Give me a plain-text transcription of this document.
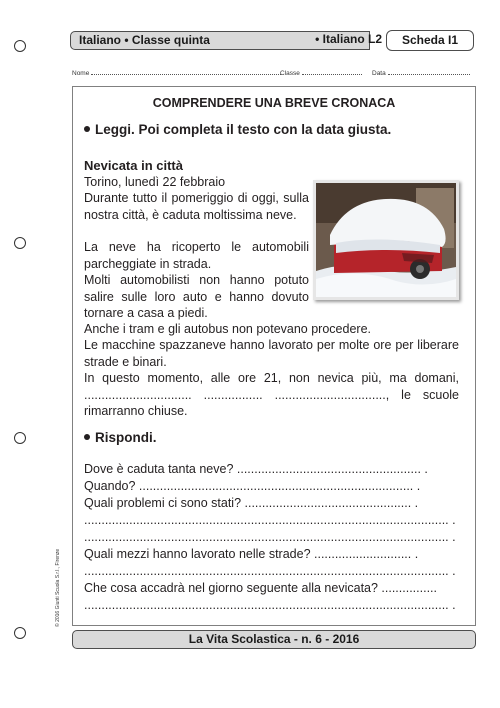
Italiano • Classe quinta	• Italiano L2	Scheda I1
Nome	Classe	Data
COMPRENDERE UNA BREVE CRONACA
Leggi. Poi completa il testo con la data giusta.
Nevicata in città
Torino, lunedì 22 febbraio
Durante tutto il pomeriggio di oggi, sulla nostra città, è caduta moltissima neve.
La neve ha ricoperto le automobili parcheggiate in strada.
Molti automobilisti non hanno potuto salire sulle loro auto e hanno dovuto tornare a casa a piedi.
Anche i tram e gli autobus non potevano procedere.
Le macchine spazzaneve hanno lavorato per molte ore per liberare strade e binari.
In questo momento, alle ore 21, non nevica più, ma domani, ............................... ................. ................................, le scuole rimarranno chiuse.
Rispondi.
Dove è caduta tanta neve? ..................................................... .
Quando? ............................................................................... .
Quali problemi ci sono stati? ................................................ .
......................................................................................................... .
......................................................................................................... .
Quali mezzi hanno lavorato nelle strade? ............................ .
......................................................................................................... .
Che cosa accadrà nel giorno seguente alla nevicata? ................
......................................................................................................... .
© 2016 Giunti Scuola S.r.l., Firenze
La Vita Scolastica - n. 6 - 2016
